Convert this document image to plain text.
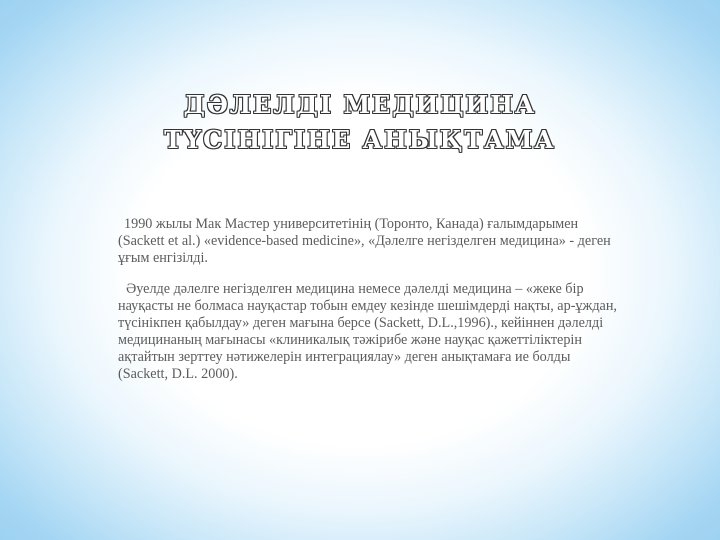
ДӘЛЕЛДІ МЕДИЦИНА
ТҮСІНІГІНЕ АНЫҚТАМА

1990 жылы Мак Мастер университетінің (Торонто, Канада) ғалымдарымен (Sackett et al.) «evidence-based medicine», «Дәлелге негізделген медицина» - деген ұғым енгізілді.

Әуелде дәлелге негізделген медицина немесе дәлелді медицина – «жеке бір науқасты не болмаса науқастар тобын емдеу кезінде шешімдерді нақты, ар-ұждан, түсінікпен қабылдау» деген мағына берсе (Sackett, D.L.,1996)., кейіннен дәлелді медицинаның мағынасы «клиникалық тәжірибе және науқас қажеттіліктерін ақтайтын зерттеу нәтижелерін интеграциялау» деген анықтамаға ие болды (Sackett, D.L. 2000).
